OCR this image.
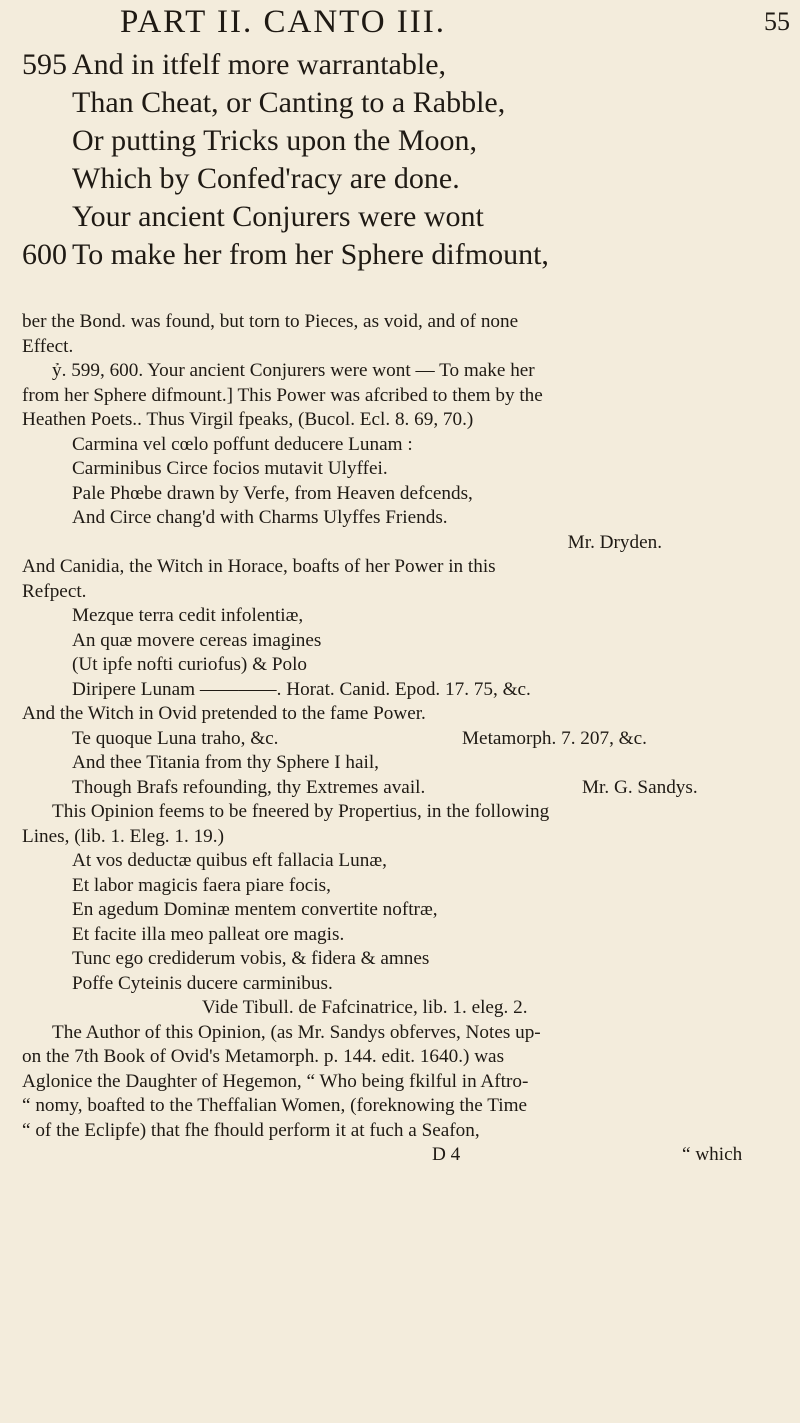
PART II. CANTO III.	55
595 And in itfelf more warrantable,
Than Cheat, or Canting to a Rabble,
Or putting Tricks upon the Moon,
Which by Confed'racy are done.
Your ancient Conjurers were wont
600 To make her from her Sphere difmount,
ber the Bond. was found, but torn to Pieces, as void, and of none
Effect.
ỷ. 599, 600. Your ancient Conjurers were wont — To make her
from her Sphere difmount.] This Power was afcribed to them by the
Heathen Poets.. Thus Virgil fpeaks, (Bucol. Ecl. 8. 69, 70.)
Carmina vel cœlo poffunt deducere Lunam :
Carminibus Circe focios mutavit Ulyffei.
Pale Phœbe drawn by Verfe, from Heaven defcends,
And Circe chang'd with Charms Ulyffes Friends.
Mr. Dryden.
And Canidia, the Witch in Horace, boafts of her Power in this
Refpect.
Mezque terra cedit infolentiæ,
An quæ movere cereas imagines
(Ut ipfe nofti curiofus) & Polo
Diripere Lunam ————. Horat. Canid. Epod. 17. 75, &c.
And the Witch in Ovid pretended to the fame Power.
Te quoque Luna traho, &c.	Metamorph. 7. 207, &c.
And thee Titania from thy Sphere I hail,
Though Brafs refounding, thy Extremes avail.	Mr. G. Sandys.
This Opinion feems to be fneered by Propertius, in the following
Lines, (lib. 1. Eleg. 1. 19.)
At vos deductæ quibus eft fallacia Lunæ,
Et labor magicis faera piare focis,
En agedum Dominæ mentem convertite noftræ,
Et facite illa meo palleat ore magis.
Tunc ego crediderum vobis, & fidera & amnes
Poffe Cyteinis ducere carminibus.
Vide Tibull. de Fafcinatrice, lib. 1. eleg. 2.
The Author of this Opinion, (as Mr. Sandys obferves, Notes up-
on the 7th Book of Ovid's Metamorph. p. 144. edit. 1640.) was
Aglonice the Daughter of Hegemon, “ Who being fkilful in Aftro-
“ nomy, boafted to the Theffalian Women, (foreknowing the Time
“ of the Eclipfe) that fhe fhould perform it at fuch a Seafon,
D 4	“ which
